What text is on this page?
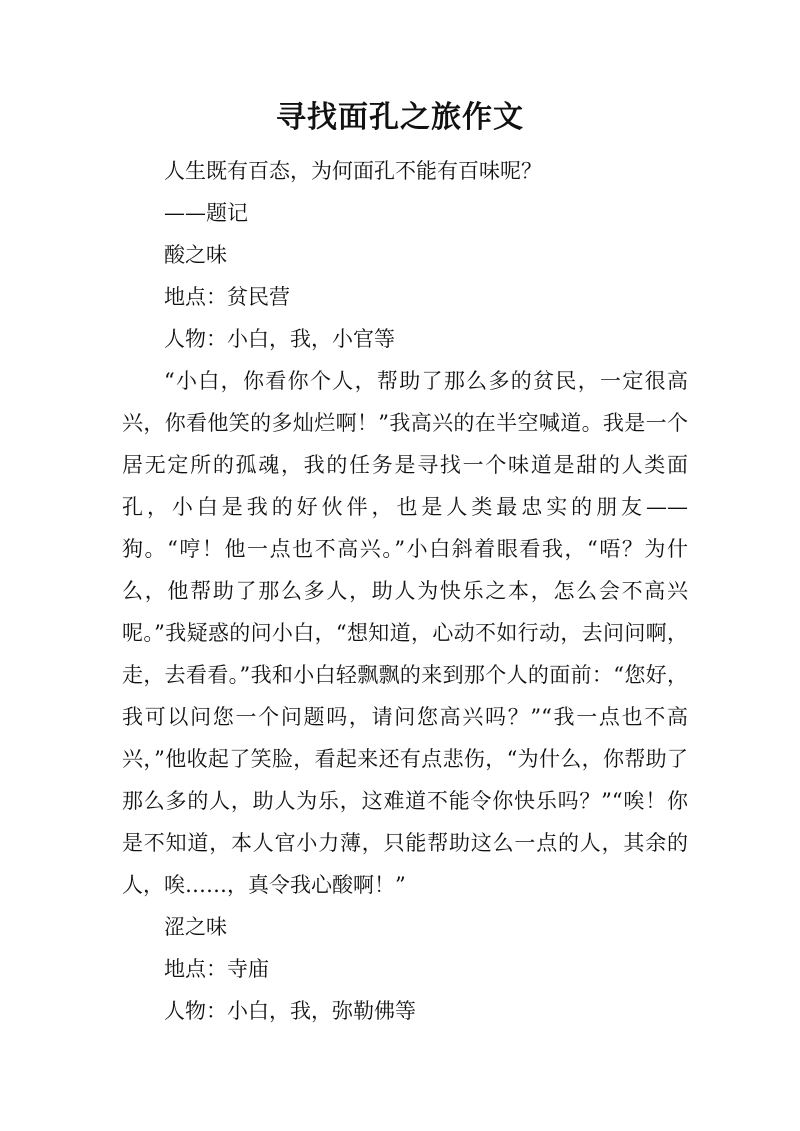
寻找面孔之旅作文

人生既有百态，为何面孔不能有百味呢？

——题记

酸之味

地点：贫民营

人物：小白，我，小官等

“小白，你看你个人，帮助了那么多的贫民，一定很高兴，你看他笑的多灿烂啊！”我高兴的在半空喊道。我是一个居无定所的孤魂，我的任务是寻找一个味道是甜的人类面孔，小白是我的好伙伴，也是人类最忠实的朋友——狗。“哼！他一点也不高兴。”小白斜着眼看我，“唔？为什么，他帮助了那么多人，助人为快乐之本，怎么会不高兴呢。”我疑惑的问小白，“想知道，心动不如行动，去问问啊，走，去看看。”我和小白轻飘飘的来到那个人的面前：“您好，我可以问您一个问题吗，请问您高兴吗？”“我一点也不高兴，”他收起了笑脸，看起来还有点悲伤，“为什么，你帮助了那么多的人，助人为乐，这难道不能令你快乐吗？”“唉！你是不知道，本人官小力薄，只能帮助这么一点的人，其余的人，唉……，真令我心酸啊！”

涩之味

地点：寺庙

人物：小白，我，弥勒佛等
